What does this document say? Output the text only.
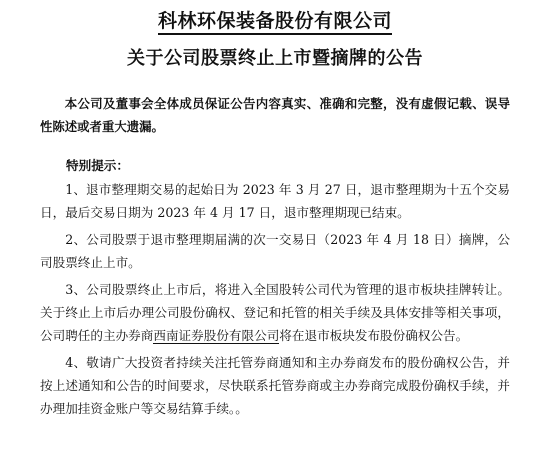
科林环保装备股份有限公司
关于公司股票终止上市暨摘牌的公告
本公司及董事会全体成员保证公告内容真实、准确和完整，没有虚假记载、误导性陈述或者重大遗漏。
特别提示：

1、退市整理期交易的起始日为 2023 年 3 月 27 日，退市整理期为十五个交易日，最后交易日期为 2023 年 4 月 17 日，退市整理期现已结束。

2、公司股票于退市整理期届满的次一交易日（2023 年 4 月 18 日）摘牌，公司股票终止上市。

3、公司股票终止上市后，将进入全国股转公司代为管理的退市板块挂牌转让。关于终止上市后办理公司股份确权、登记和托管的相关手续及具体安排等相关事项，公司聘任的主办券商西南证券股份有限公司将在退市板块发布股份确权公告。

4、敬请广大投资者持续关注托管券商通知和主办券商发布的股份确权公告，并按上述通知和公告的时间要求，尽快联系托管券商或主办券商完成股份确权手续，并办理加挂资金账户等交易结算手续。。
